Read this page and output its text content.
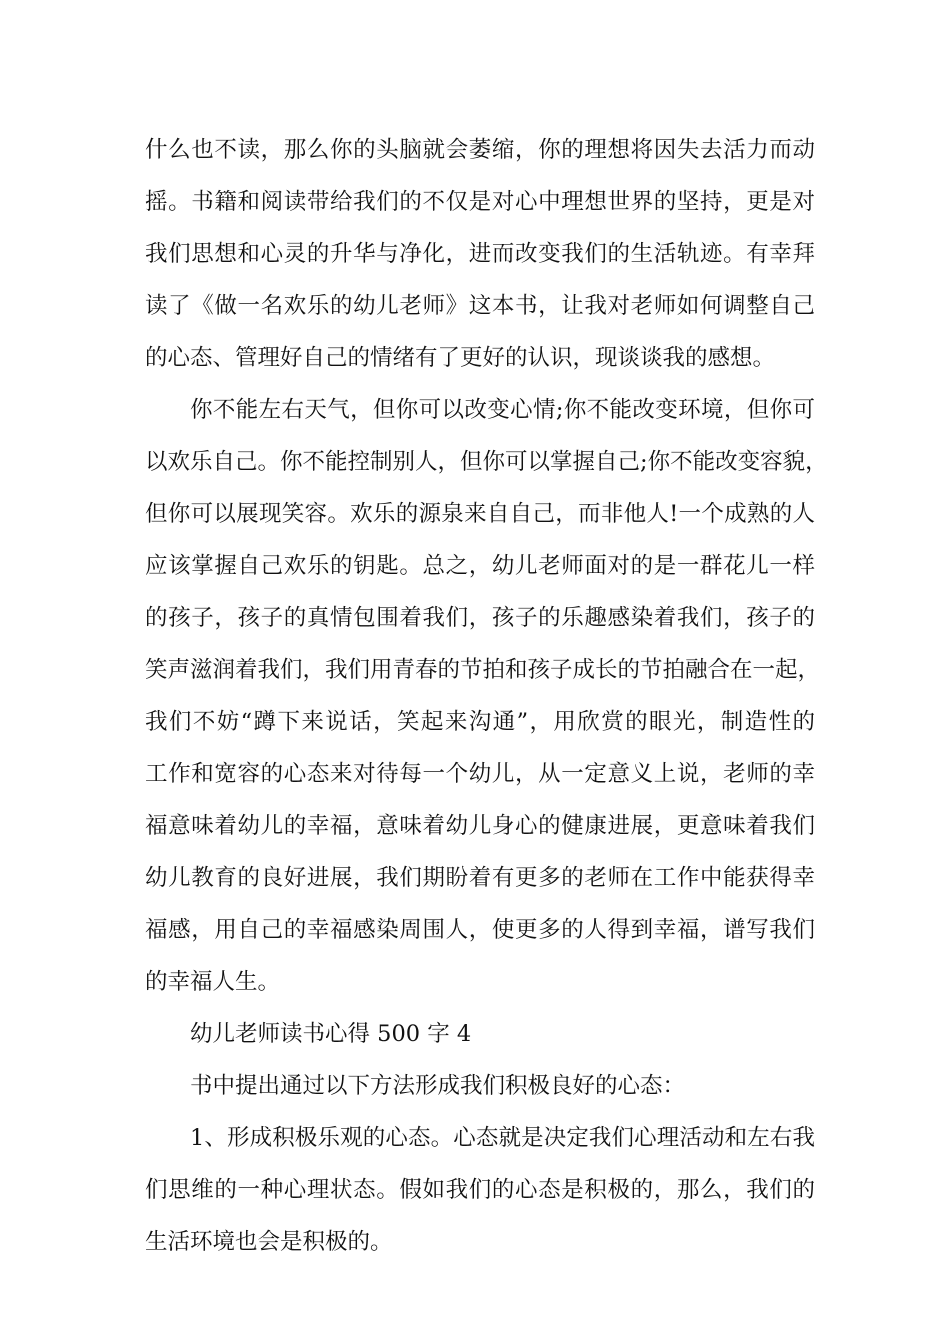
什么也不读，那么你的头脑就会萎缩，你的理想将因失去活力而动
摇。书籍和阅读带给我们的不仅是对心中理想世界的坚持，更是对
我们思想和心灵的升华与净化，进而改变我们的生活轨迹。有幸拜
读了《做一名欢乐的幼儿老师》这本书，让我对老师如何调整自己
的心态、管理好自己的情绪有了更好的认识，现谈谈我的感想。
你不能左右天气，但你可以改变心情;你不能改变环境，但你可
以欢乐自己。你不能控制别人，但你可以掌握自己;你不能改变容貌，
但你可以展现笑容。欢乐的源泉来自自己，而非他人!一个成熟的人
应该掌握自己欢乐的钥匙。总之，幼儿老师面对的是一群花儿一样
的孩子，孩子的真情包围着我们，孩子的乐趣感染着我们，孩子的
笑声滋润着我们，我们用青春的节拍和孩子成长的节拍融合在一起，
我们不妨“蹲下来说话，笑起来沟通”，用欣赏的眼光，制造性的
工作和宽容的心态来对待每一个幼儿，从一定意义上说，老师的幸
福意味着幼儿的幸福，意味着幼儿身心的健康进展，更意味着我们
幼儿教育的良好进展，我们期盼着有更多的老师在工作中能获得幸
福感，用自己的幸福感染周围人，使更多的人得到幸福，谱写我们
的幸福人生。
幼儿老师读书心得 500 字 4
书中提出通过以下方法形成我们积极良好的心态：
1、形成积极乐观的心态。心态就是决定我们心理活动和左右我
们思维的一种心理状态。假如我们的心态是积极的，那么，我们的
生活环境也会是积极的。
